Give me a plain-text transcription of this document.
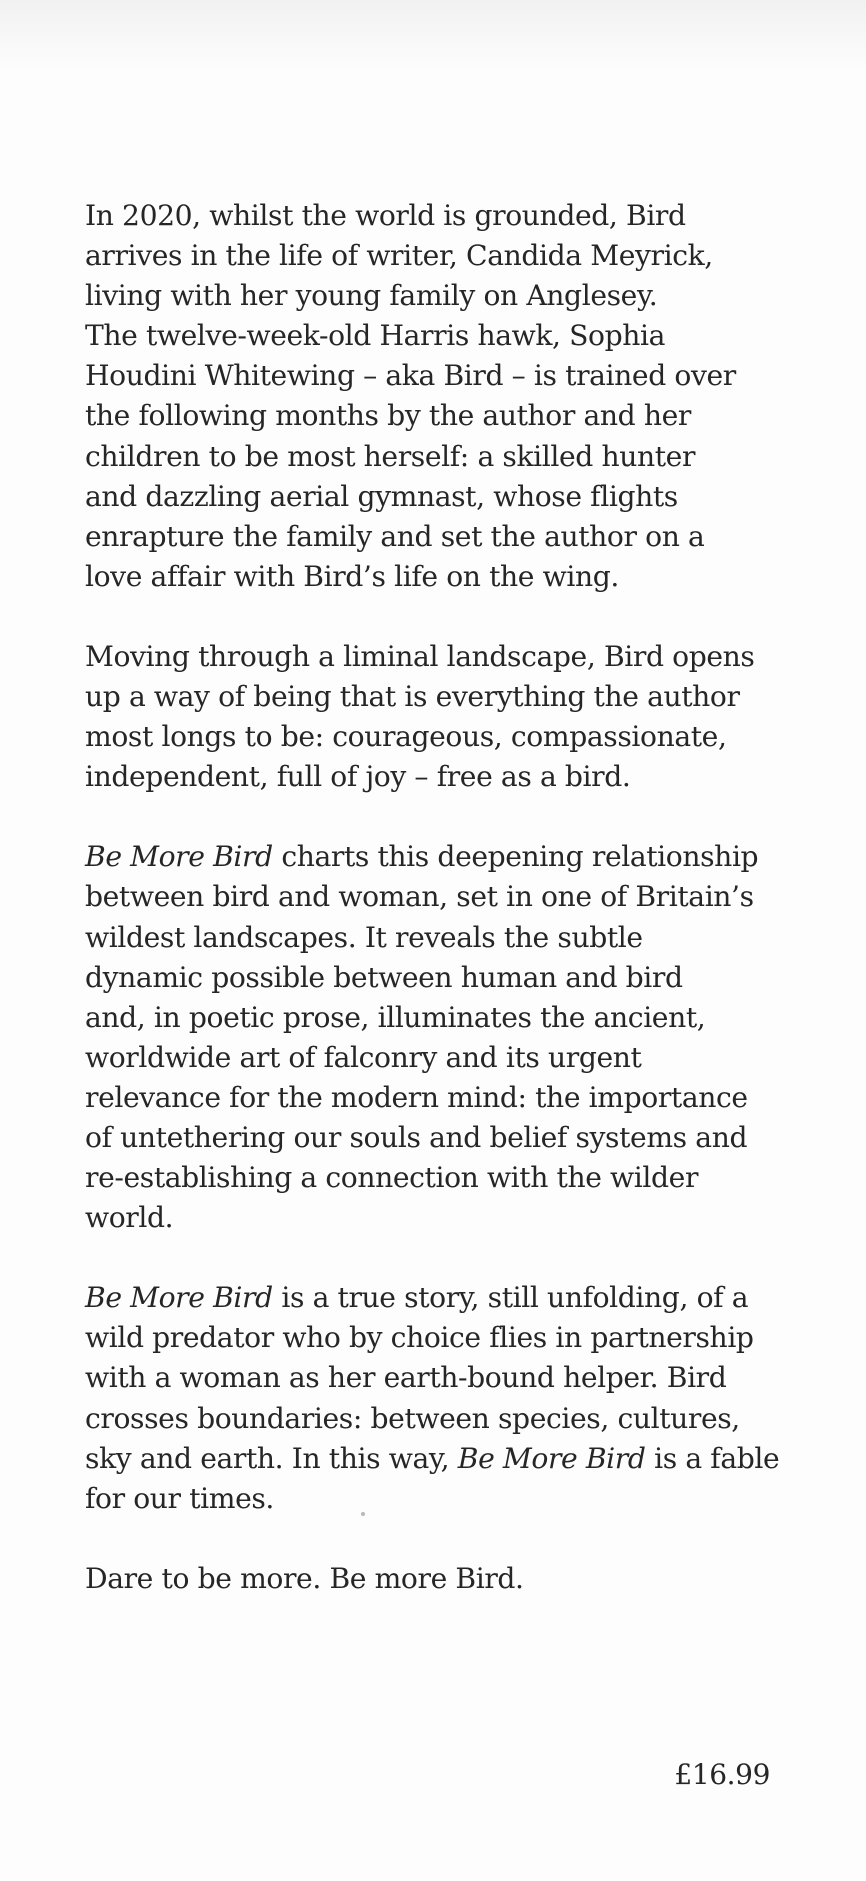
In 2020, whilst the world is grounded, Bird
arrives in the life of writer, Candida Meyrick,
living with her young family on Anglesey.
The twelve-week-old Harris hawk, Sophia
Houdini Whitewing – aka Bird – is trained over
the following months by the author and her
children to be most herself: a skilled hunter
and dazzling aerial gymnast, whose flights
enrapture the family and set the author on a
love affair with Bird’s life on the wing.

Moving through a liminal landscape, Bird opens
up a way of being that is everything the author
most longs to be: courageous, compassionate,
independent, full of joy – free as a bird.

Be More Bird charts this deepening relationship
between bird and woman, set in one of Britain’s
wildest landscapes. It reveals the subtle
dynamic possible between human and bird
and, in poetic prose, illuminates the ancient,
worldwide art of falconry and its urgent
relevance for the modern mind: the importance
of untethering our souls and belief systems and
re-establishing a connection with the wilder
world.

Be More Bird is a true story, still unfolding, of a
wild predator who by choice flies in partnership
with a woman as her earth-bound helper. Bird
crosses boundaries: between species, cultures,
sky and earth. In this way, Be More Bird is a fable
for our times.

Dare to be more. Be more Bird.

£16.99
